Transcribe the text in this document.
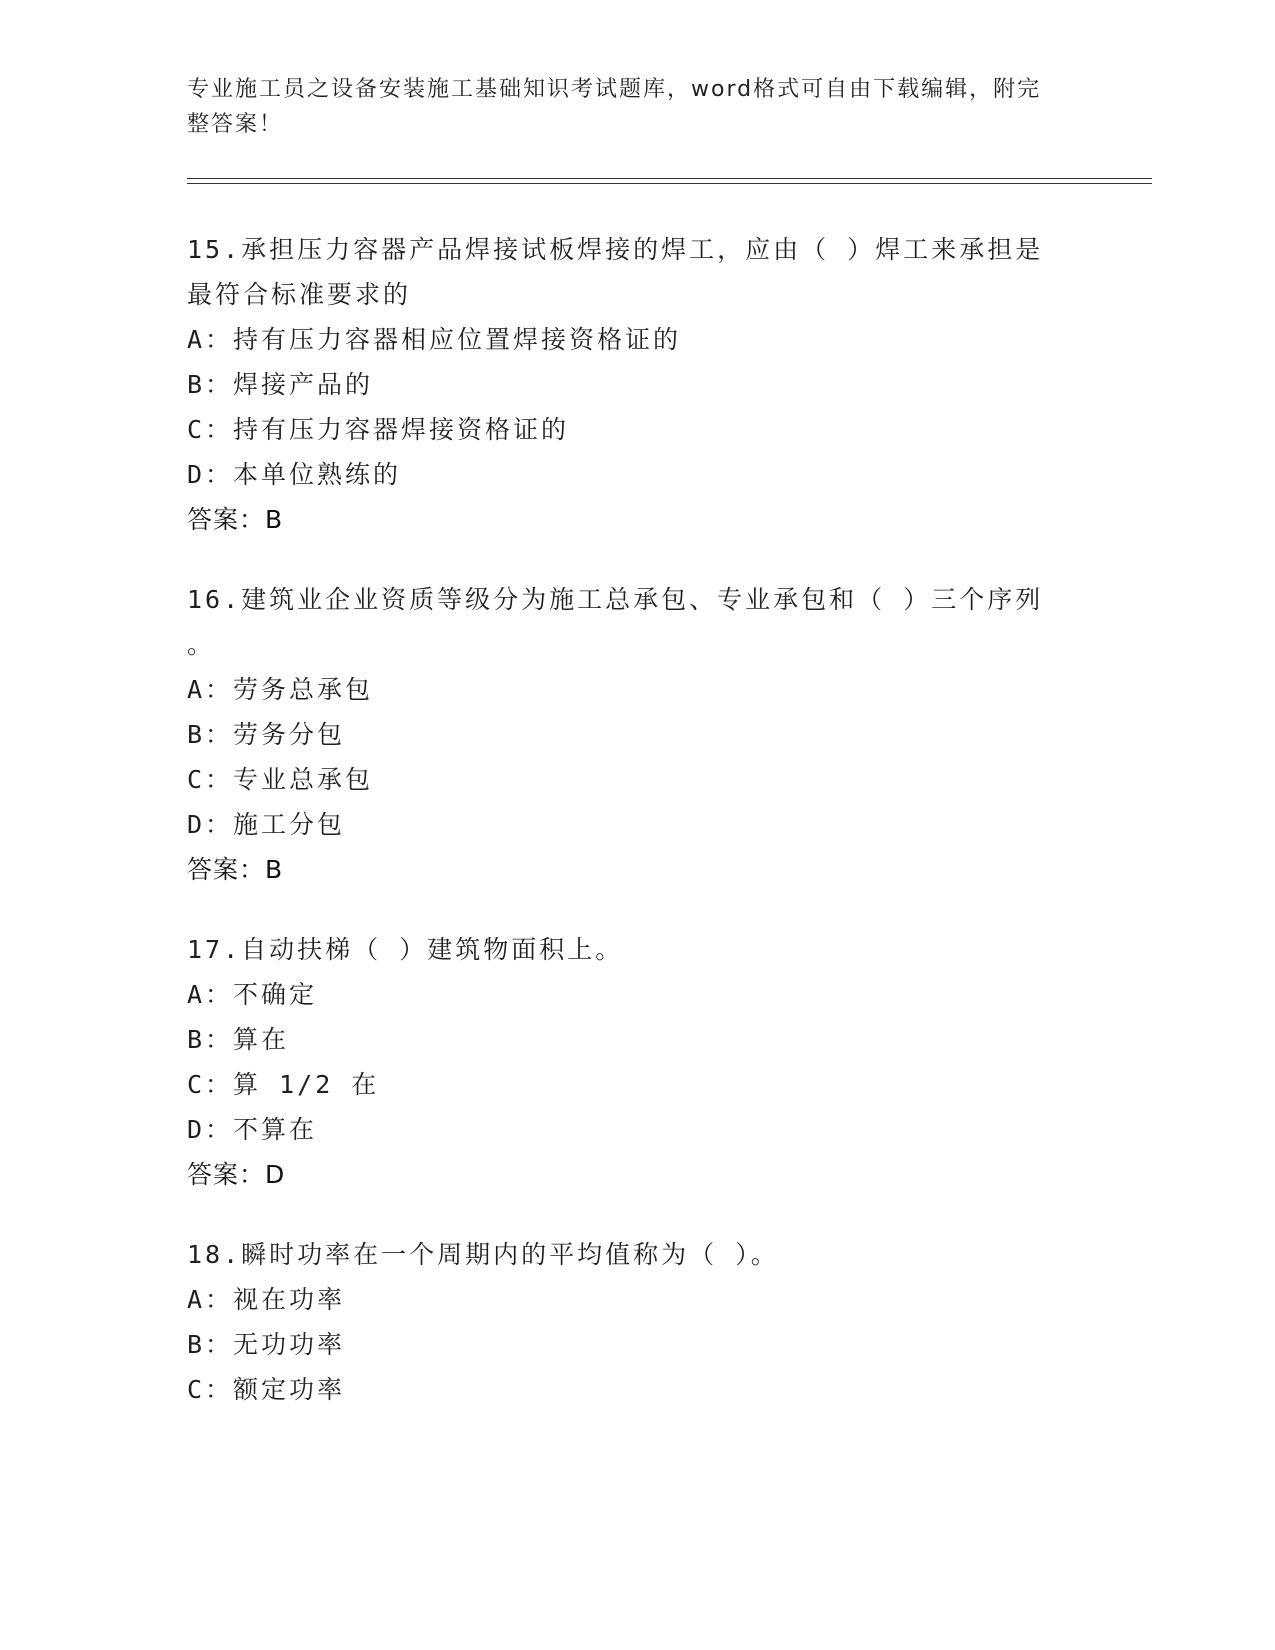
专业施工员之设备安装施工基础知识考试题库，word格式可自由下载编辑，附完
整答案！

15.承担压力容器产品焊接试板焊接的焊工，应由（ ）焊工来承担是

最符合标准要求的

A：持有压力容器相应位置焊接资格证的

B：焊接产品的

C：持有压力容器焊接资格证的

D：本单位熟练的

答案：B

16.建筑业企业资质等级分为施工总承包、专业承包和（ ）三个序列

。

A：劳务总承包

B：劳务分包

C：专业总承包

D：施工分包

答案：B

17.自动扶梯（ ）建筑物面积上。

A：不确定

B：算在

C：算 1/2 在

D：不算在

答案：D

18.瞬时功率在一个周期内的平均值称为（ ）。

A：视在功率

B：无功功率

C：额定功率
